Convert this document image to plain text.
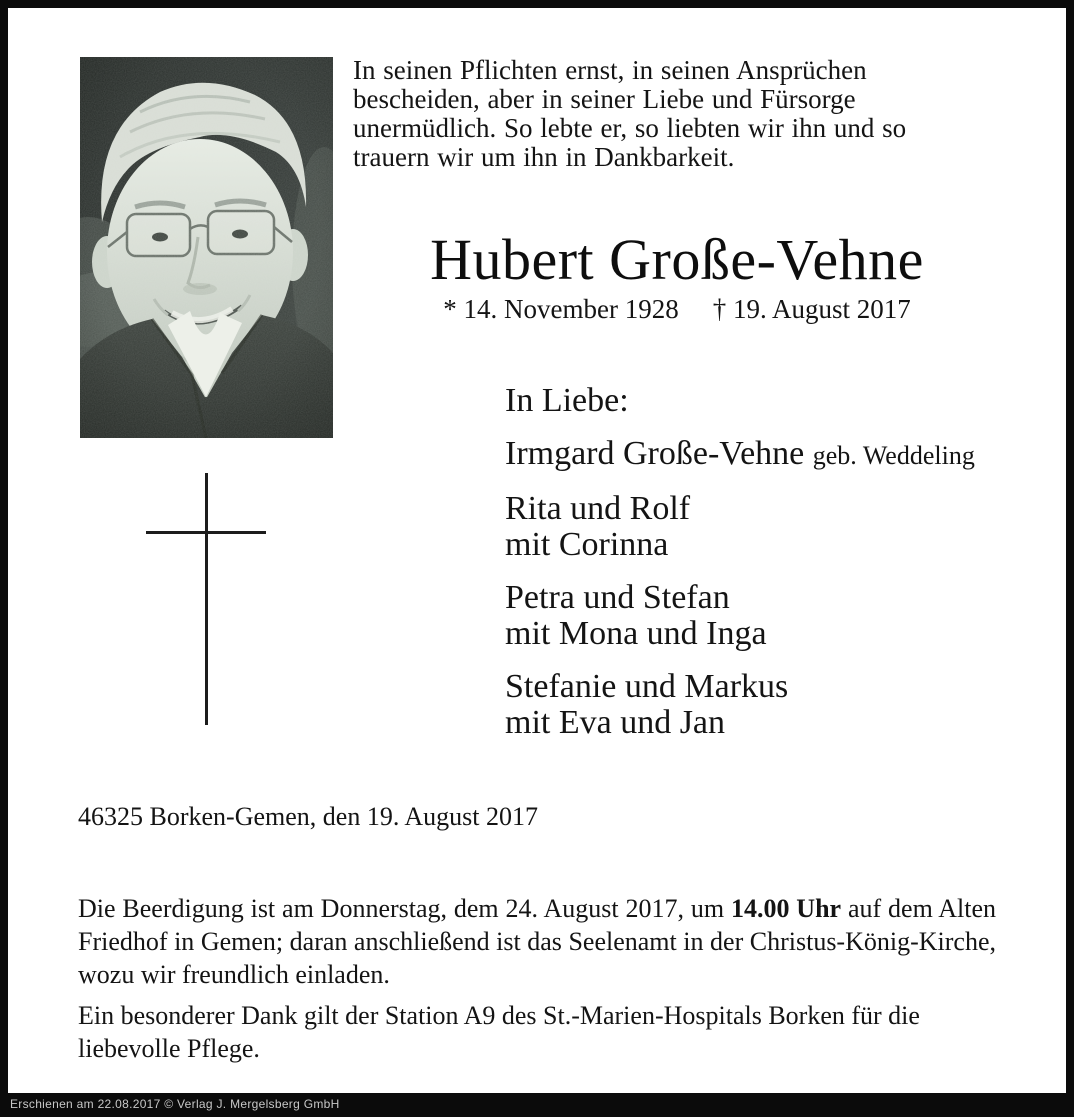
In seinen Pflichten ernst, in seinen Ansprüchen bescheiden, aber in seiner Liebe und Fürsorge unermüdlich. So lebte er, so liebten wir ihn und so trauern wir um ihn in Dankbarkeit.
Hubert Große-Vehne
* 14. November 1928 † 19. August 2017
In Liebe:
Irmgard Große-Vehne geb. Weddeling
Rita und Rolf
mit Corinna
Petra und Stefan
mit Mona und Inga
Stefanie und Markus
mit Eva und Jan
46325 Borken-Gemen, den 19. August 2017

Die Beerdigung ist am Donnerstag, dem 24. August 2017, um 14.00 Uhr auf dem Alten Friedhof in Gemen; daran anschließend ist das Seelenamt in der Christus-König-Kirche, wozu wir freundlich einladen.

Ein besonderer Dank gilt der Station A9 des St.-Marien-Hospitals Borken für die liebevolle Pflege.

Erschienen am 22.08.2017 © Verlag J. Mergelsberg GmbH
